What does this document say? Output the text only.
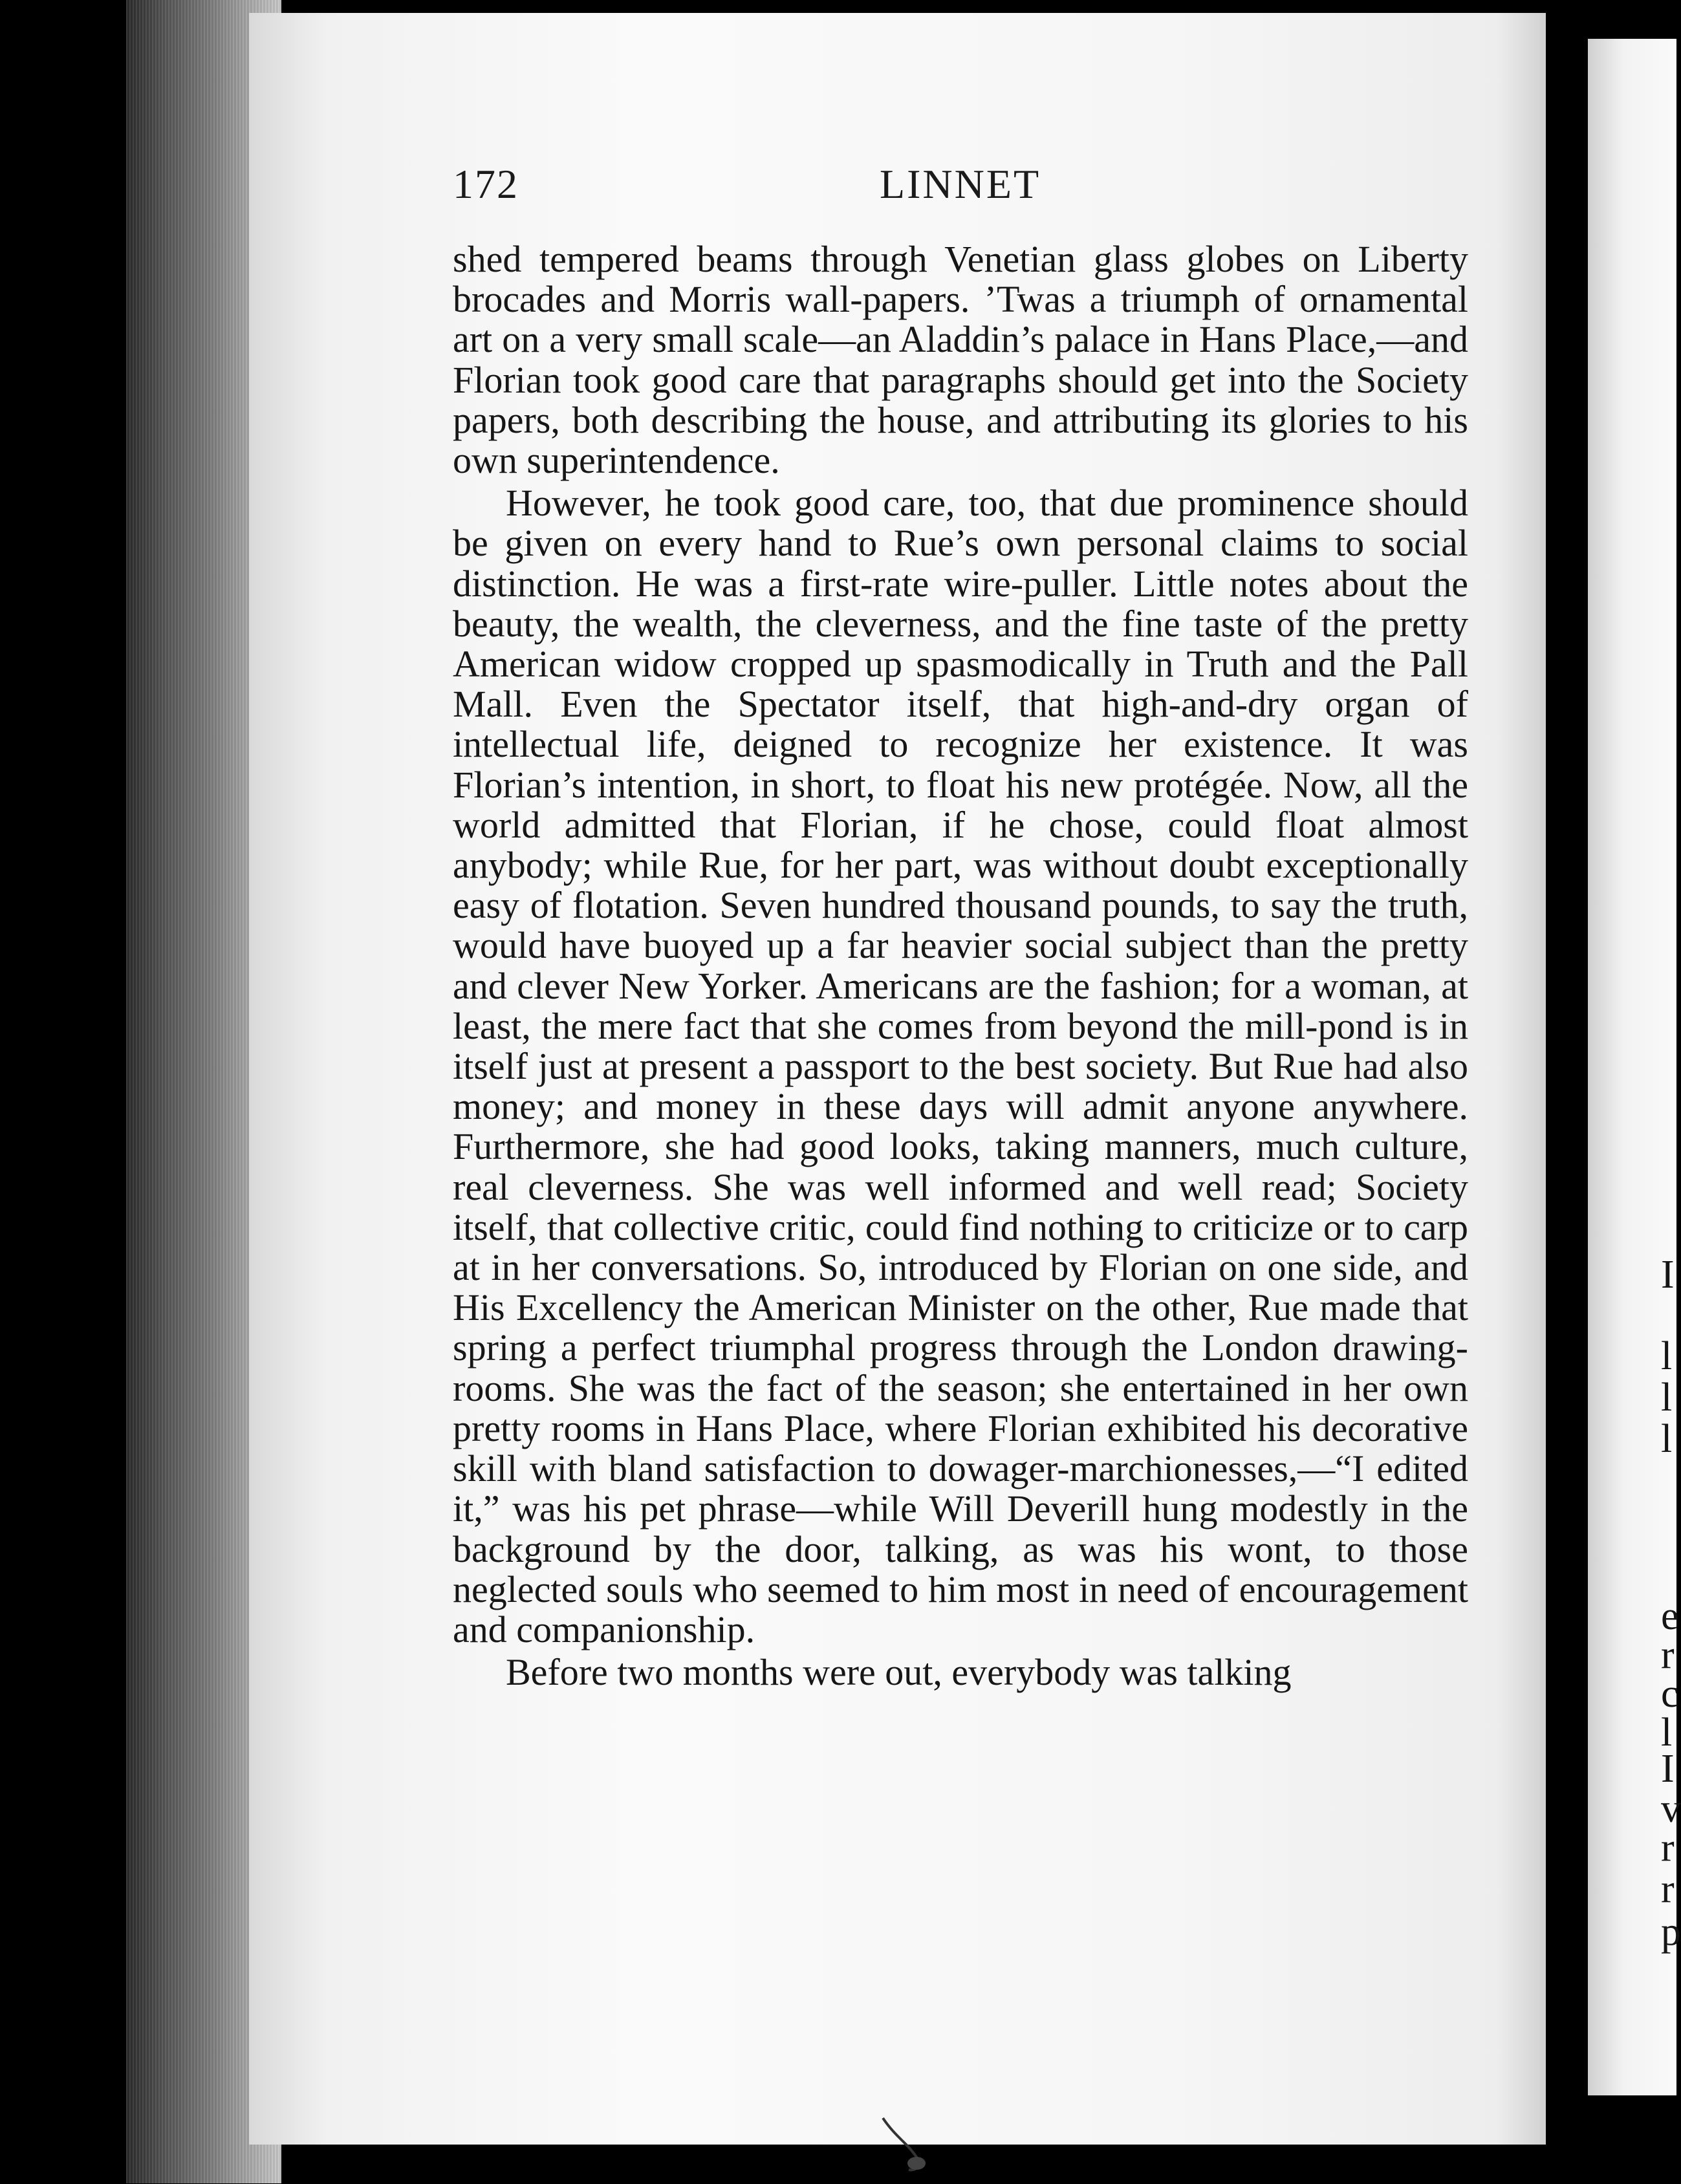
I
l
l
l
e
r
c
l
I
v
r
r
p
172	LINNET

shed tempered beams through Venetian glass globes on Liberty brocades and Morris wall-papers. ’Twas a triumph of ornamental art on a very small scale—an Aladdin’s palace in Hans Place,—and Florian took good care that paragraphs should get into the Society papers, both describing the house, and attributing its glories to his own superintendence.

However, he took good care, too, that due prominence should be given on every hand to Rue’s own personal claims to social distinction. He was a first-rate wire-puller. Little notes about the beauty, the wealth, the cleverness, and the fine taste of the pretty American widow cropped up spasmodically in Truth and the Pall Mall. Even the Spectator itself, that high-and-dry organ of intellectual life, deigned to recognize her existence. It was Florian’s intention, in short, to float his new protégée. Now, all the world admitted that Florian, if he chose, could float almost anybody; while Rue, for her part, was without doubt exceptionally easy of flotation. Seven hundred thousand pounds, to say the truth, would have buoyed up a far heavier social subject than the pretty and clever New Yorker. Americans are the fashion; for a woman, at least, the mere fact that she comes from beyond the mill-pond is in itself just at present a passport to the best society. But Rue had also money; and money in these days will admit anyone anywhere. Furthermore, she had good looks, taking manners, much culture, real cleverness. She was well informed and well read; Society itself, that collective critic, could find nothing to criticize or to carp at in her conversations. So, introduced by Florian on one side, and His Excellency the American Minister on the other, Rue made that spring a perfect triumphal progress through the London drawing-rooms. She was the fact of the season; she entertained in her own pretty rooms in Hans Place, where Florian exhibited his decorative skill with bland satisfaction to dowager-marchionesses,—“I edited it,” was his pet phrase—while Will Deverill hung modestly in the background by the door, talking, as was his wont, to those neglected souls who seemed to him most in need of encouragement and companionship.

Before two months were out, everybody was talking
